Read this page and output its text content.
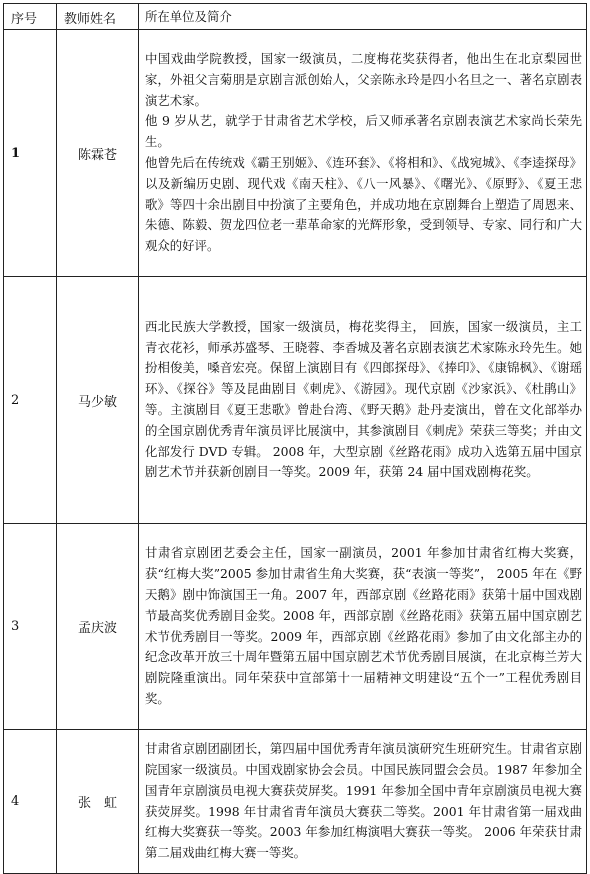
序号	教师姓名	所在单位及简介
1	陈霖苍	中国戏曲学院教授，国家一级演员，二度梅花奖获得者，他出生在北京梨园世家，外祖父言菊朋是京剧言派创始人，父亲陈永玲是四小名旦之一、著名京剧表演艺术家。
他 9 岁从艺，就学于甘肃省艺术学校，后又师承著名京剧表演艺术家尚长荣先生。
他曾先后在传统戏《霸王别姬》、《连环套》、《将相和》、《战宛城》、《李逵探母》以及新编历史剧、现代戏《南天柱》、《八一风暴》、《曙光》、《原野》、《夏王悲歌》等四十余出剧目中扮演了主要角色，并成功地在京剧舞台上塑造了周恩来、朱德、陈毅、贺龙四位老一辈革命家的光辉形象，受到领导、专家、同行和广大观众的好评。

2	马少敏	西北民族大学教授，国家一级演员，梅花奖得主， 回族，国家一级演员，主工青衣花衫，师承苏盛琴、王晓蓉、李香城及著名京剧表演艺术家陈永玲先生。她扮相俊美，嗓音宏亮。保留上演剧目有《四郎探母》、《捧印》、《康锦枫》、《谢瑶环》、《探谷》等及昆曲剧目《刺虎》、《游园》。现代京剧《沙家浜》、《杜鹃山》等。主演剧目《夏王悲歌》曾赴台湾、《野天鹅》赴丹麦演出，曾在文化部举办的全国京剧优秀青年演员评比展演中，其参演剧目《刺虎》荣获三等奖；并由文化部发行 DVD 专辑。 2008 年，大型京剧《丝路花雨》成功入选第五届中国京剧艺术节并获新创剧目一等奖。2009 年，获第 24 届中国戏剧梅花奖。

3	孟庆波	甘肃省京剧团艺委会主任，国家一副演员，2001 年参加甘肃省红梅大奖赛，获“红梅大奖”2005 参加甘肃省生角大奖赛，获“表演一等奖”， 2005 年在《野天鹅》剧中饰演国王一角。2007 年，西部京剧《丝路花雨》获第十届中国戏剧节最高奖优秀剧目金奖。2008 年，西部京剧《丝路花雨》获第五届中国京剧艺术节优秀剧目一等奖。2009 年，西部京剧《丝路花雨》参加了由文化部主办的纪念改革开放三十周年暨第五届中国京剧艺术节优秀剧目展演，在北京梅兰芳大剧院隆重演出。同年荣获中宣部第十一届精神文明建设“五个一”工程优秀剧目奖。

4	张　虹	甘肃省京剧团副团长，第四届中国优秀青年演员演研究生班研究生。甘肃省京剧院国家一级演员。中国戏剧家协会会员。中国民族同盟会会员。1987 年参加全国青年京剧演员电视大赛获荧屏奖。1991 年参加全国中青年京剧演员电视大赛获荧屏奖。1998 年甘肃省青年演员大赛获二等奖。2001 年甘肃省第一届戏曲红梅大奖赛获一等奖。2003 年参加红梅演唱大赛获一等奖。 2006 年荣获甘肃第二届戏曲红梅大赛一等奖。
